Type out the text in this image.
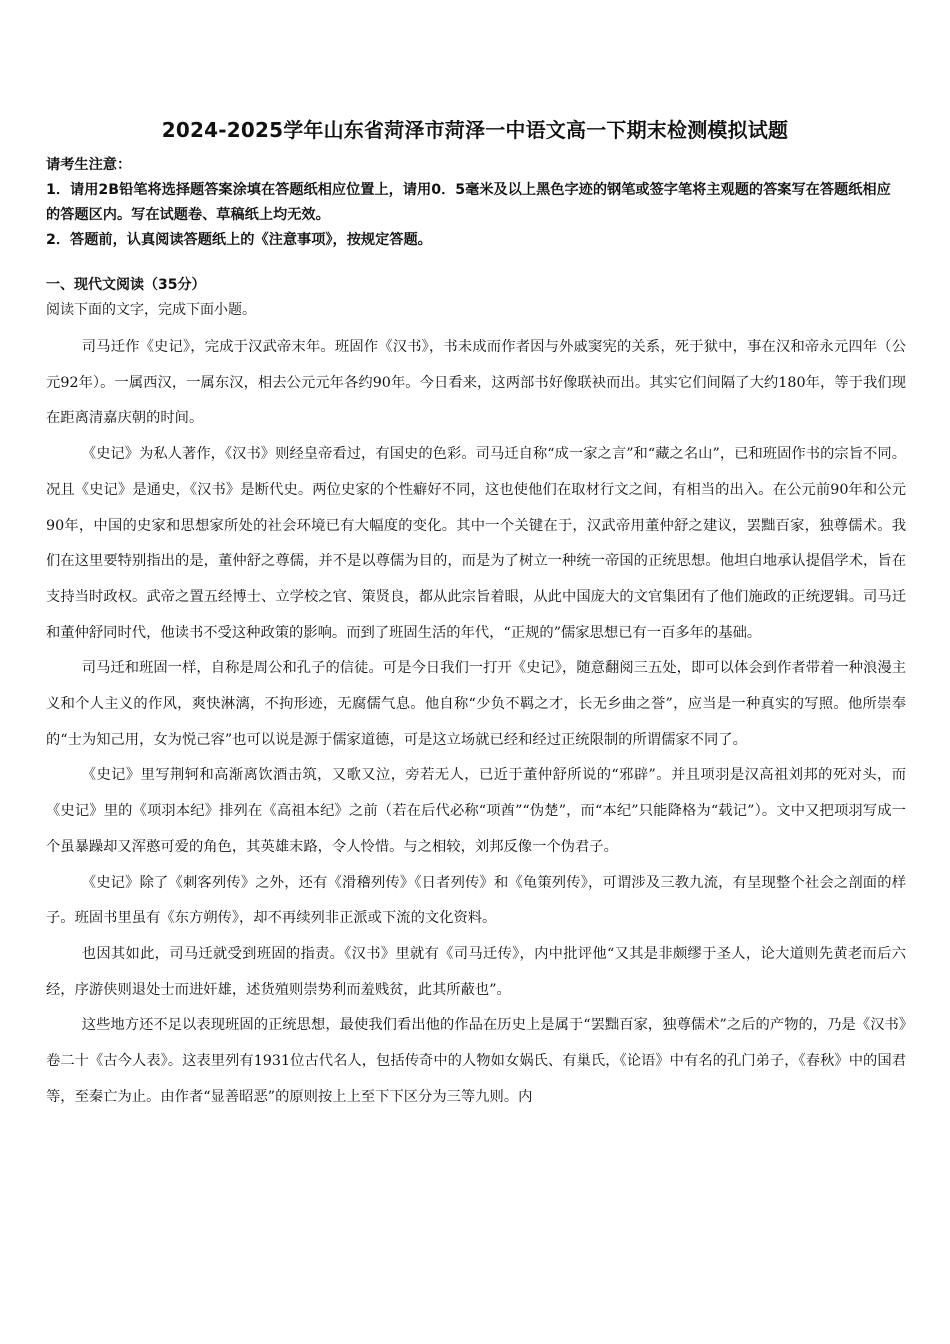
2024-2025学年山东省菏泽市菏泽一中语文高一下期末检测模拟试题
请考生注意：
1．请用2B铅笔将选择题答案涂填在答题纸相应位置上，请用0．5毫米及以上黑色字迹的钢笔或签字笔将主观题的答案写在答题纸相应的答题区内。写在试题卷、草稿纸上均无效。
2．答题前，认真阅读答题纸上的《注意事项》，按规定答题。
一、现代文阅读（35分）
阅读下面的文字，完成下面小题。

司马迁作《史记》，完成于汉武帝末年。班固作《汉书》，书未成而作者因与外戚窦宪的关系，死于狱中，事在汉和帝永元四年（公元92年）。一属西汉，一属东汉，相去公元元年各约90年。今日看来，这两部书好像联袂而出。其实它们间隔了大约180年，等于我们现在距离清嘉庆朝的时间。

《史记》为私人著作，《汉书》则经皇帝看过，有国史的色彩。司马迁自称“成一家之言”和“藏之名山”，已和班固作书的宗旨不同。况且《史记》是通史，《汉书》是断代史。两位史家的个性癖好不同，这也使他们在取材行文之间，有相当的出入。在公元前90年和公元90年，中国的史家和思想家所处的社会环境已有大幅度的变化。其中一个关键在于，汉武帝用董仲舒之建议，罢黜百家，独尊儒术。我们在这里要特别指出的是，董仲舒之尊儒，并不是以尊儒为目的，而是为了树立一种统一帝国的正统思想。他坦白地承认提倡学术，旨在支持当时政权。武帝之置五经博士、立学校之官、策贤良，都从此宗旨着眼，从此中国庞大的文官集团有了他们施政的正统逻辑。司马迁和董仲舒同时代，他读书不受这种政策的影响。而到了班固生活的年代，“正规的”儒家思想已有一百多年的基础。

司马迁和班固一样，自称是周公和孔子的信徒。可是今日我们一打开《史记》，随意翻阅三五处，即可以体会到作者带着一种浪漫主义和个人主义的作风，爽快淋漓，不拘形迹，无腐儒气息。他自称“少负不羁之才，长无乡曲之誉”，应当是一种真实的写照。他所崇奉的“士为知己用，女为悦己容”也可以说是源于儒家道德，可是这立场就已经和经过正统限制的所谓儒家不同了。

《史记》里写荆轲和高渐离饮酒击筑，又歌又泣，旁若无人，已近于董仲舒所说的“邪辟”。并且项羽是汉高祖刘邦的死对头，而《史记》里的《项羽本纪》排列在《高祖本纪》之前（若在后代必称“项酋”“伪楚”，而“本纪”只能降格为“载记”）。文中又把项羽写成一个虽暴躁却又浑憨可爱的角色，其英雄末路，令人怜惜。与之相较，刘邦反像一个伪君子。

《史记》除了《刺客列传》之外，还有《滑稽列传》《日者列传》和《龟策列传》，可谓涉及三教九流，有呈现整个社会之剖面的样子。班固书里虽有《东方朔传》，却不再续列非正派或下流的文化资料。

也因其如此，司马迁就受到班固的指责。《汉书》里就有《司马迁传》，内中批评他“又其是非颇缪于圣人，论大道则先黄老而后六经，序游侠则退处士而进奸雄，述货殖则崇势利而羞贱贫，此其所蔽也”。

这些地方还不足以表现班固的正统思想，最使我们看出他的作品在历史上是属于“罢黜百家，独尊儒术”之后的产物的，乃是《汉书》卷二十《古今人表》。这表里列有1931位古代名人，包括传奇中的人物如女娲氏、有巢氏，《论语》中有名的孔门弟子，《春秋》中的国君等，至秦亡为止。由作者“显善昭恶”的原则按上上至下下区分为三等九则。内
